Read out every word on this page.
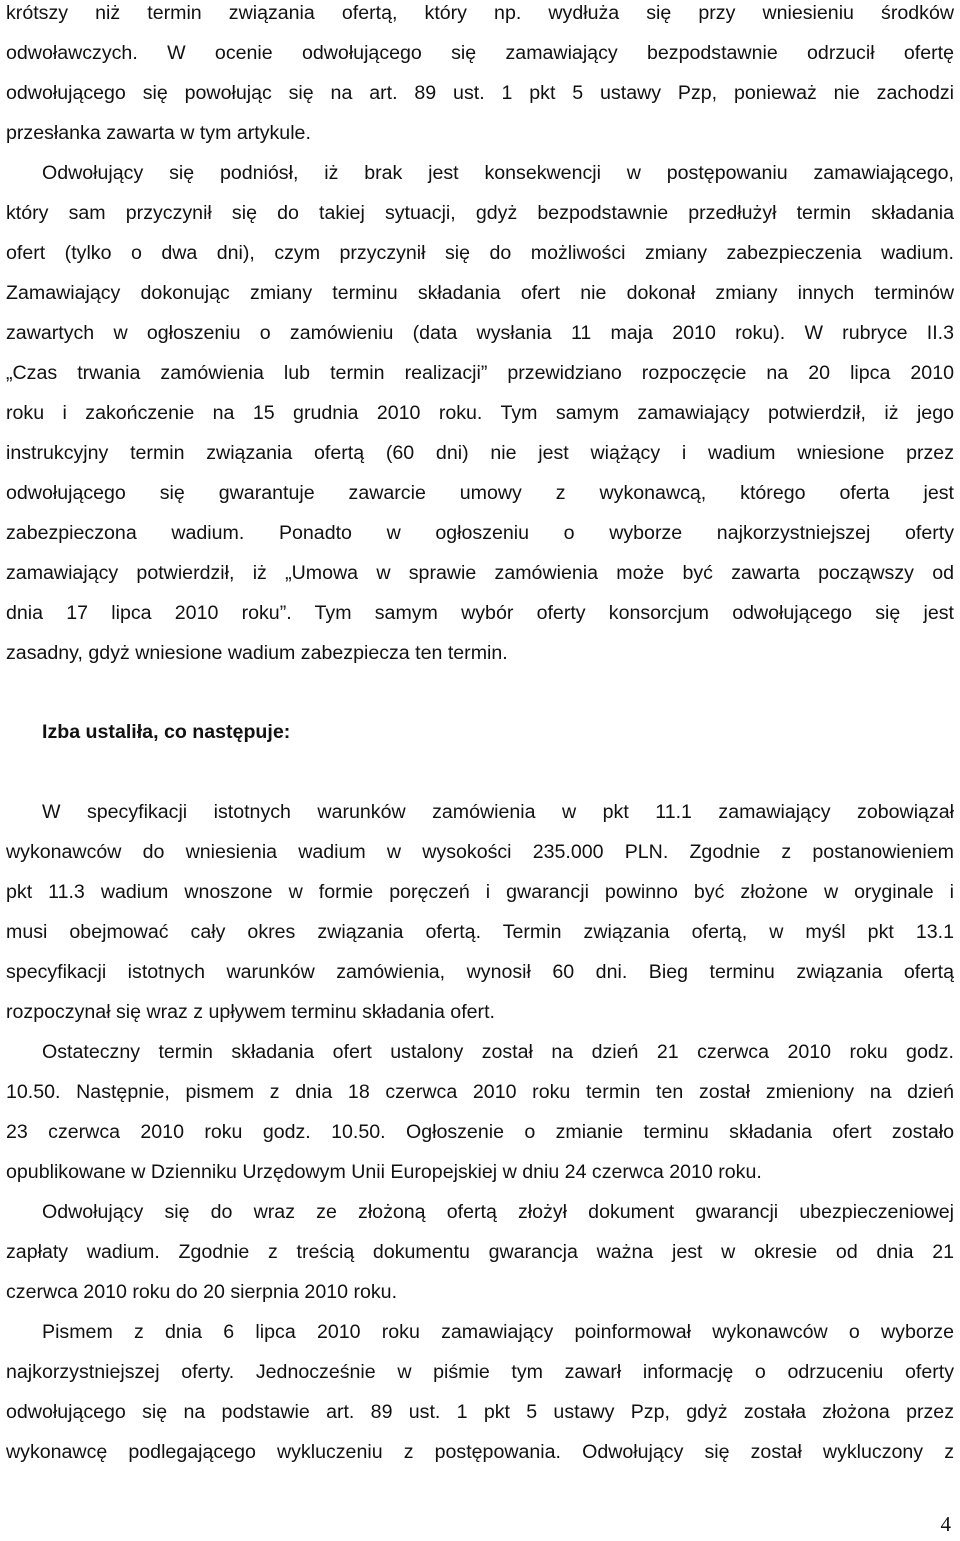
krótszy niż termin związania ofertą, który np. wydłuża się przy wniesieniu środków
odwoławczych. W ocenie odwołującego się zamawiający bezpodstawnie odrzucił ofertę
odwołującego się powołując się na art. 89 ust. 1 pkt 5 ustawy Pzp, ponieważ nie zachodzi
przesłanka zawarta w tym artykule.
Odwołujący się podniósł, iż brak jest konsekwencji w postępowaniu zamawiającego,
który sam przyczynił się do takiej sytuacji, gdyż bezpodstawnie przedłużył termin składania
ofert (tylko o dwa dni), czym przyczynił się do możliwości zmiany zabezpieczenia wadium.
Zamawiający dokonując zmiany terminu składania ofert nie dokonał zmiany innych terminów
zawartych w ogłoszeniu o zamówieniu (data wysłania 11 maja 2010 roku). W rubryce II.3
„Czas trwania zamówienia lub termin realizacji” przewidziano rozpoczęcie na 20 lipca 2010
roku i zakończenie na 15 grudnia 2010 roku. Tym samym zamawiający potwierdził, iż jego
instrukcyjny termin związania ofertą (60 dni) nie jest wiążący i wadium wniesione przez
odwołującego się gwarantuje zawarcie umowy z wykonawcą, którego oferta jest
zabezpieczona wadium. Ponadto w ogłoszeniu o wyborze najkorzystniejszej oferty
zamawiający potwierdził, iż „Umowa w sprawie zamówienia może być zawarta począwszy od
dnia 17 lipca 2010 roku”. Tym samym wybór oferty konsorcjum odwołującego się jest
zasadny, gdyż wniesione wadium zabezpiecza ten termin.
Izba ustaliła, co następuje:
W specyfikacji istotnych warunków zamówienia w pkt 11.1 zamawiający zobowiązał
wykonawców do wniesienia wadium w wysokości 235.000 PLN. Zgodnie z postanowieniem
pkt 11.3 wadium wnoszone w formie poręczeń i gwarancji powinno być złożone w oryginale i
musi obejmować cały okres związania ofertą. Termin związania ofertą, w myśl pkt 13.1
specyfikacji istotnych warunków zamówienia, wynosił 60 dni. Bieg terminu związania ofertą
rozpoczynał się wraz z upływem terminu składania ofert.
Ostateczny termin składania ofert ustalony został na dzień 21 czerwca 2010 roku godz.
10.50. Następnie, pismem z dnia 18 czerwca 2010 roku termin ten został zmieniony na dzień
23 czerwca 2010 roku godz. 10.50. Ogłoszenie o zmianie terminu składania ofert zostało
opublikowane w Dzienniku Urzędowym Unii Europejskiej w dniu 24 czerwca 2010 roku.
Odwołujący się do wraz ze złożoną ofertą złożył dokument gwarancji ubezpieczeniowej
zapłaty wadium. Zgodnie z treścią dokumentu gwarancja ważna jest w okresie od dnia 21
czerwca 2010 roku do 20 sierpnia 2010 roku.
Pismem z dnia 6 lipca 2010 roku zamawiający poinformował wykonawców o wyborze
najkorzystniejszej oferty. Jednocześnie w piśmie tym zawarł informację o odrzuceniu oferty
odwołującego się na podstawie art. 89 ust. 1 pkt 5 ustawy Pzp, gdyż została złożona przez
wykonawcę podlegającego wykluczeniu z postępowania. Odwołujący się został wykluczony z
4
